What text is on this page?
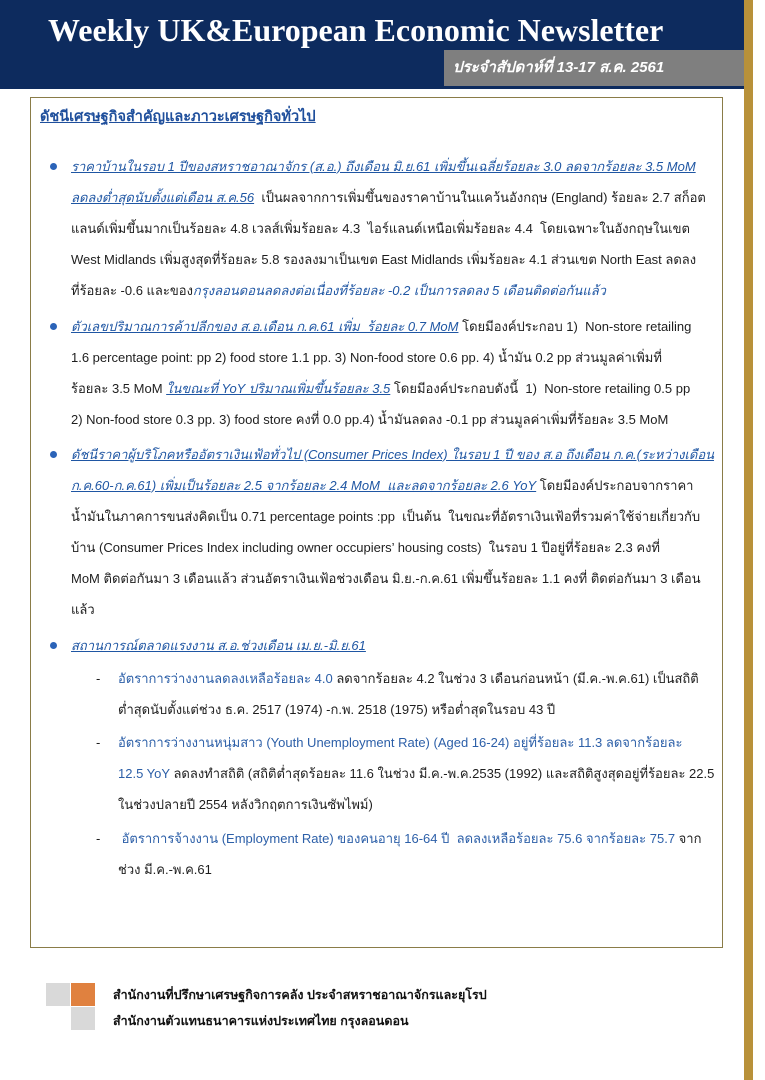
Weekly UK&European Economic Newsletter
ประจำสัปดาห์ที่ 13-17 ส.ค. 2561
ดัชนีเศรษฐกิจสำคัญและภาวะเศรษฐกิจทั่วไป
ราคาบ้านในรอบ 1 ปีของสหราชอาณาจักร (ส.อ.) ถึงเดือน มิ.ย.61 เพิ่มขึ้นเฉลี่ยร้อยละ 3.0 ลดจากร้อยละ 3.5 MoM
ลดลงต่ำสุดนับตั้งแต่เดือน ส.ค.56  เป็นผลจากการเพิ่มขึ้นของราคาบ้านในแคว้นอังกฤษ (England) ร้อยละ 2.7 สก็อต
แลนด์เพิ่มขึ้นมากเป็นร้อยละ 4.8 เวลส์เพิ่มร้อยละ 4.3  ไอร์แลนด์เหนือเพิ่มร้อยละ 4.4  โดยเฉพาะในอังกฤษในเขต
West Midlands เพิ่มสูงสุดที่ร้อยละ 5.8 รองลงมาเป็นเขต East Midlands เพิ่มร้อยละ 4.1 ส่วนเขต North East ลดลง
ที่ร้อยละ -0.6 และของกรุงลอนดอนลดลงต่อเนื่องที่ร้อยละ -0.2 เป็นการลดลง 5 เดือนติดต่อกันแล้ว
ตัวเลขปริมาณการค้าปลีกของ ส.อ.เดือน ก.ค.61 เพิ่ม  ร้อยละ 0.7 MoM โดยมีองค์ประกอบ 1)  Non-store retailing
1.6 percentage point: pp 2) food store 1.1 pp. 3) Non-food store 0.6 pp. 4) น้ำมัน 0.2 pp ส่วนมูลค่าเพิ่มที่
ร้อยละ 3.5 MoM ในขณะที่ YoY ปริมาณเพิ่มขึ้นร้อยละ 3.5 โดยมีองค์ประกอบดังนี้  1)  Non-store retailing 0.5 pp
2) Non-food store 0.3 pp. 3) food store คงที่ 0.0 pp.4) น้ำมันลดลง -0.1 pp ส่วนมูลค่าเพิ่มที่ร้อยละ 3.5 MoM
ดัชนีราคาผู้บริโภคหรืออัตราเงินเฟ้อทั่วไป (Consumer Prices Index) ในรอบ 1 ปี ของ ส.อ ถึงเดือน ก.ค.(ระหว่างเดือน
ก.ค.60-ก.ค.61) เพิ่มเป็นร้อยละ 2.5 จากร้อยละ 2.4 MoM  และลดจากร้อยละ 2.6 YoY โดยมีองค์ประกอบจากราคา
น้ำมันในภาคการขนส่งคิดเป็น 0.71 percentage points :pp  เป็นต้น  ในขณะที่อัตราเงินเฟ้อที่รวมค่าใช้จ่ายเกี่ยวกับ
บ้าน (Consumer Prices Index including owner occupiers’ housing costs)  ในรอบ 1 ปีอยู่ที่ร้อยละ 2.3 คงที่
MoM ติดต่อกันมา 3 เดือนแล้ว ส่วนอัตราเงินเฟ้อช่วงเดือน มิ.ย.-ก.ค.61 เพิ่มขึ้นร้อยละ 1.1 คงที่ ติดต่อกันมา 3 เดือน
แล้ว
สถานการณ์ตลาดแรงงาน ส.อ.ช่วงเดือน เม.ย.-มิ.ย.61
- อัตราการว่างงานลดลงเหลือร้อยละ 4.0 ลดจากร้อยละ 4.2 ในช่วง 3 เดือนก่อนหน้า (มี.ค.-พ.ค.61) เป็นสถิติ
ต่ำสุดนับตั้งแต่ช่วง ธ.ค. 2517 (1974) -ก.พ. 2518 (1975) หรือต่ำสุดในรอบ 43 ปี
- อัตราการว่างงานหนุ่มสาว (Youth Unemployment Rate) (Aged 16-24) อยู่ที่ร้อยละ 11.3 ลดจากร้อยละ
12.5 YoY ลดลงทำสถิติ (สถิติต่ำสุดร้อยละ 11.6 ในช่วง มี.ค.-พ.ค.2535 (1992) และสถิติสูงสุดอยู่ที่ร้อยละ 22.5
ในช่วงปลายปี 2554 หลังวิกฤตการเงินซัพไพม์)
- อัตราการจ้างงาน (Employment Rate) ของคนอายุ 16-64 ปี  ลดลงเหลือร้อยละ 75.6 จากร้อยละ 75.7 จาก
ช่วง มี.ค.-พ.ค.61
สำนักงานที่ปรึกษาเศรษฐกิจการคลัง ประจำสหราชอาณาจักรและยุโรป
สำนักงานตัวแทนธนาคารแห่งประเทศไทย กรุงลอนดอน
